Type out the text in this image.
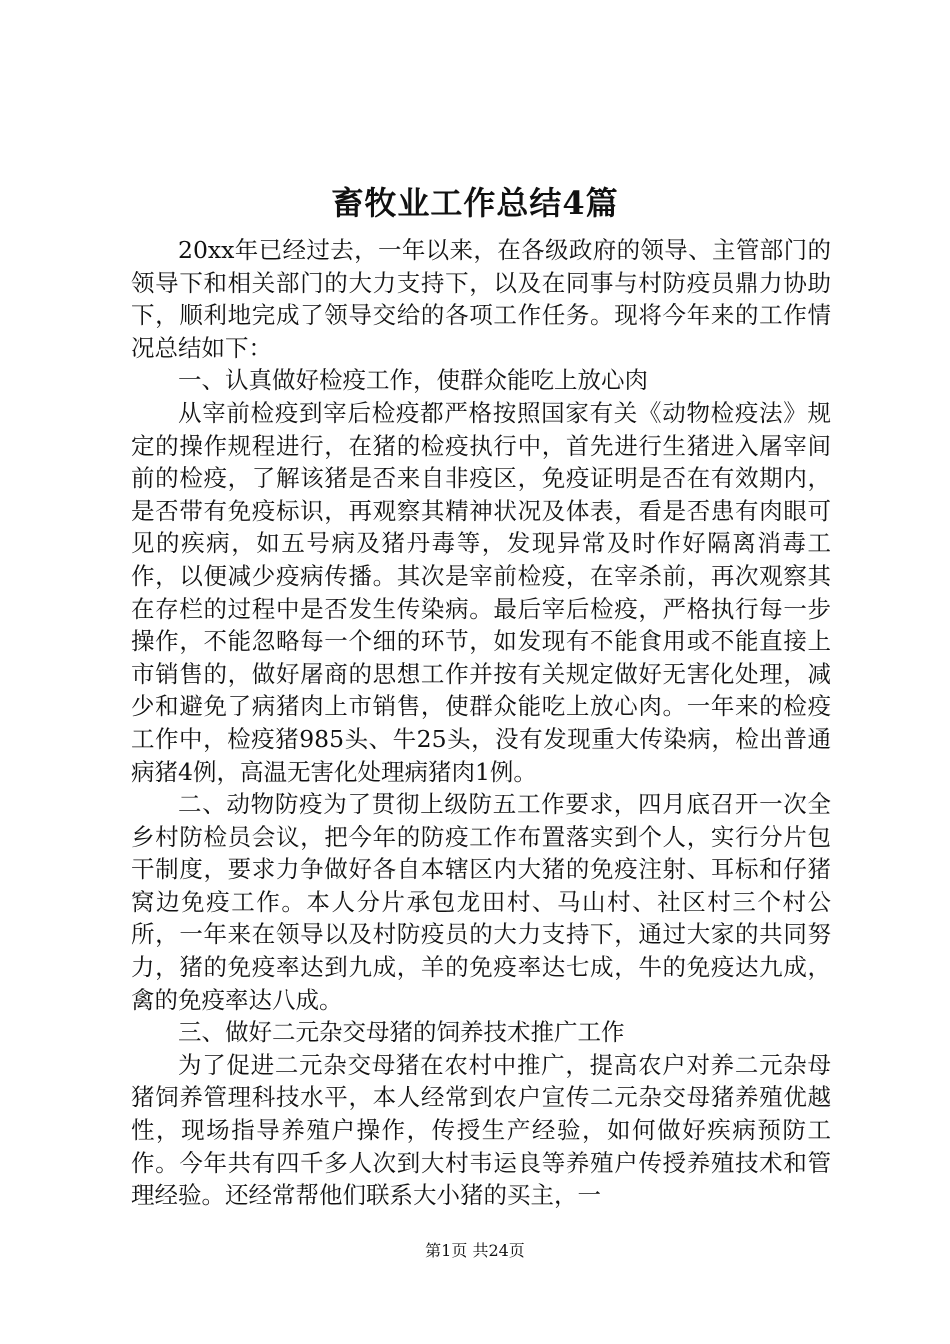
畜牧业工作总结4篇

20xx年已经过去，一年以来，在各级政府的领导、主管部门的领导下和相关部门的大力支持下，以及在同事与村防疫员鼎力协助下，顺利地完成了领导交给的各项工作任务。现将今年来的工作情况总结如下：

一、认真做好检疫工作，使群众能吃上放心肉

从宰前检疫到宰后检疫都严格按照国家有关《动物检疫法》规定的操作规程进行，在猪的检疫执行中，首先进行生猪进入屠宰间前的检疫，了解该猪是否来自非疫区，免疫证明是否在有效期内，是否带有免疫标识，再观察其精神状况及体表，看是否患有肉眼可见的疾病，如五号病及猪丹毒等，发现异常及时作好隔离消毒工作，以便减少疫病传播。其次是宰前检疫，在宰杀前，再次观察其在存栏的过程中是否发生传染病。最后宰后检疫，严格执行每一步操作，不能忽略每一个细的环节，如发现有不能食用或不能直接上市销售的，做好屠商的思想工作并按有关规定做好无害化处理，减少和避免了病猪肉上市销售，使群众能吃上放心肉。一年来的检疫工作中，检疫猪985头、牛25头，没有发现重大传染病，检出普通病猪4例，高温无害化处理病猪肉1例。

二、动物防疫为了贯彻上级防五工作要求，四月底召开一次全乡村防检员会议，把今年的防疫工作布置落实到个人，实行分片包干制度，要求力争做好各自本辖区内大猪的免疫注射、耳标和仔猪窝边免疫工作。本人分片承包龙田村、马山村、社区村三个村公所，一年来在领导以及村防疫员的大力支持下，通过大家的共同努力，猪的免疫率达到九成，羊的免疫率达七成，牛的免疫达九成，禽的免疫率达八成。

三、做好二元杂交母猪的饲养技术推广工作

为了促进二元杂交母猪在农村中推广，提高农户对养二元杂母猪饲养管理科技水平，本人经常到农户宣传二元杂交母猪养殖优越性，现场指导养殖户操作，传授生产经验，如何做好疾病预防工作。今年共有四千多人次到大村韦运良等养殖户传授养殖技术和管理经验。还经常帮他们联系大小猪的买主，一

第1页 共24页
